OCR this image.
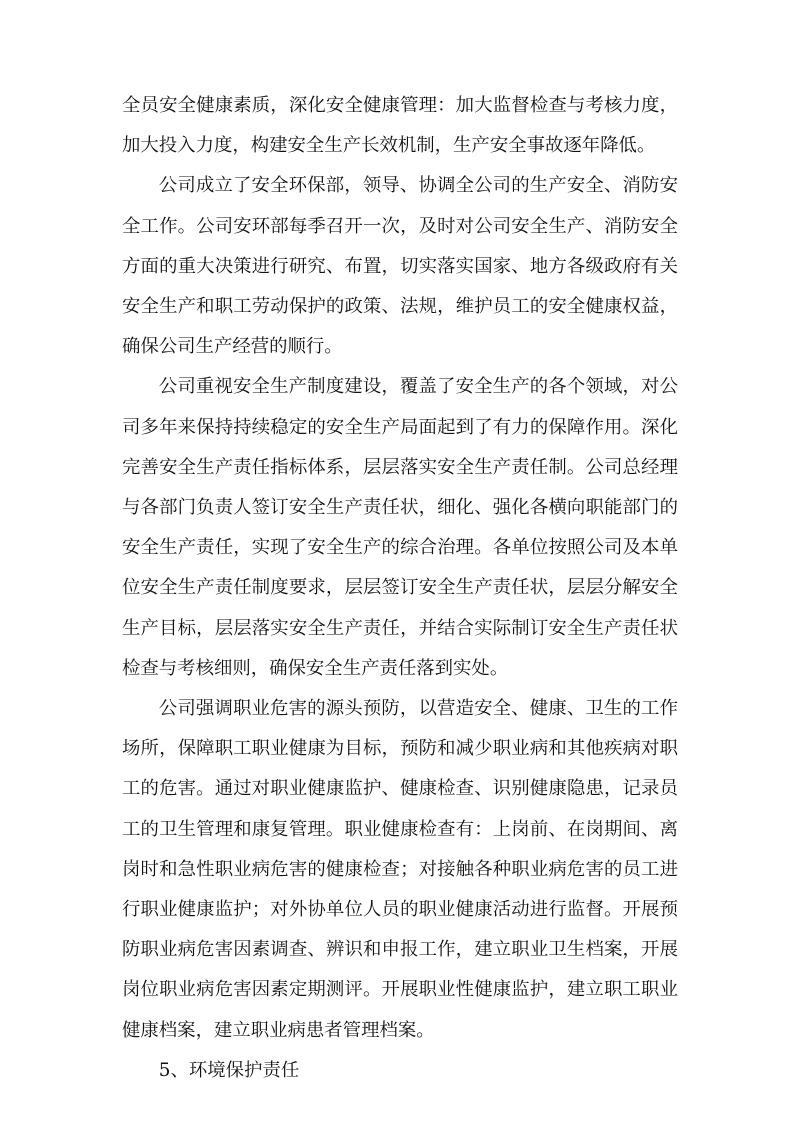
全员安全健康素质，深化安全健康管理：加大监督检查与考核力度，加大投入力度，构建安全生产长效机制，生产安全事故逐年降低。

公司成立了安全环保部，领导、协调全公司的生产安全、消防安全工作。公司安环部每季召开一次，及时对公司安全生产、消防安全方面的重大决策进行研究、布置，切实落实国家、地方各级政府有关安全生产和职工劳动保护的政策、法规，维护员工的安全健康权益，确保公司生产经营的顺行。

公司重视安全生产制度建设，覆盖了安全生产的各个领域，对公司多年来保持持续稳定的安全生产局面起到了有力的保障作用。深化完善安全生产责任指标体系，层层落实安全生产责任制。公司总经理与各部门负责人签订安全生产责任状，细化、强化各横向职能部门的安全生产责任，实现了安全生产的综合治理。各单位按照公司及本单位安全生产责任制度要求，层层签订安全生产责任状，层层分解安全生产目标，层层落实安全生产责任，并结合实际制订安全生产责任状检查与考核细则，确保安全生产责任落到实处。

公司强调职业危害的源头预防，以营造安全、健康、卫生的工作场所，保障职工职业健康为目标，预防和减少职业病和其他疾病对职工的危害。通过对职业健康监护、健康检查、识别健康隐患，记录员工的卫生管理和康复管理。职业健康检查有：上岗前、在岗期间、离岗时和急性职业病危害的健康检查；对接触各种职业病危害的员工进行职业健康监护；对外协单位人员的职业健康活动进行监督。开展预防职业病危害因素调查、辨识和申报工作，建立职业卫生档案，开展岗位职业病危害因素定期测评。开展职业性健康监护，建立职工职业健康档案，建立职业病患者管理档案。

5、环境保护责任
